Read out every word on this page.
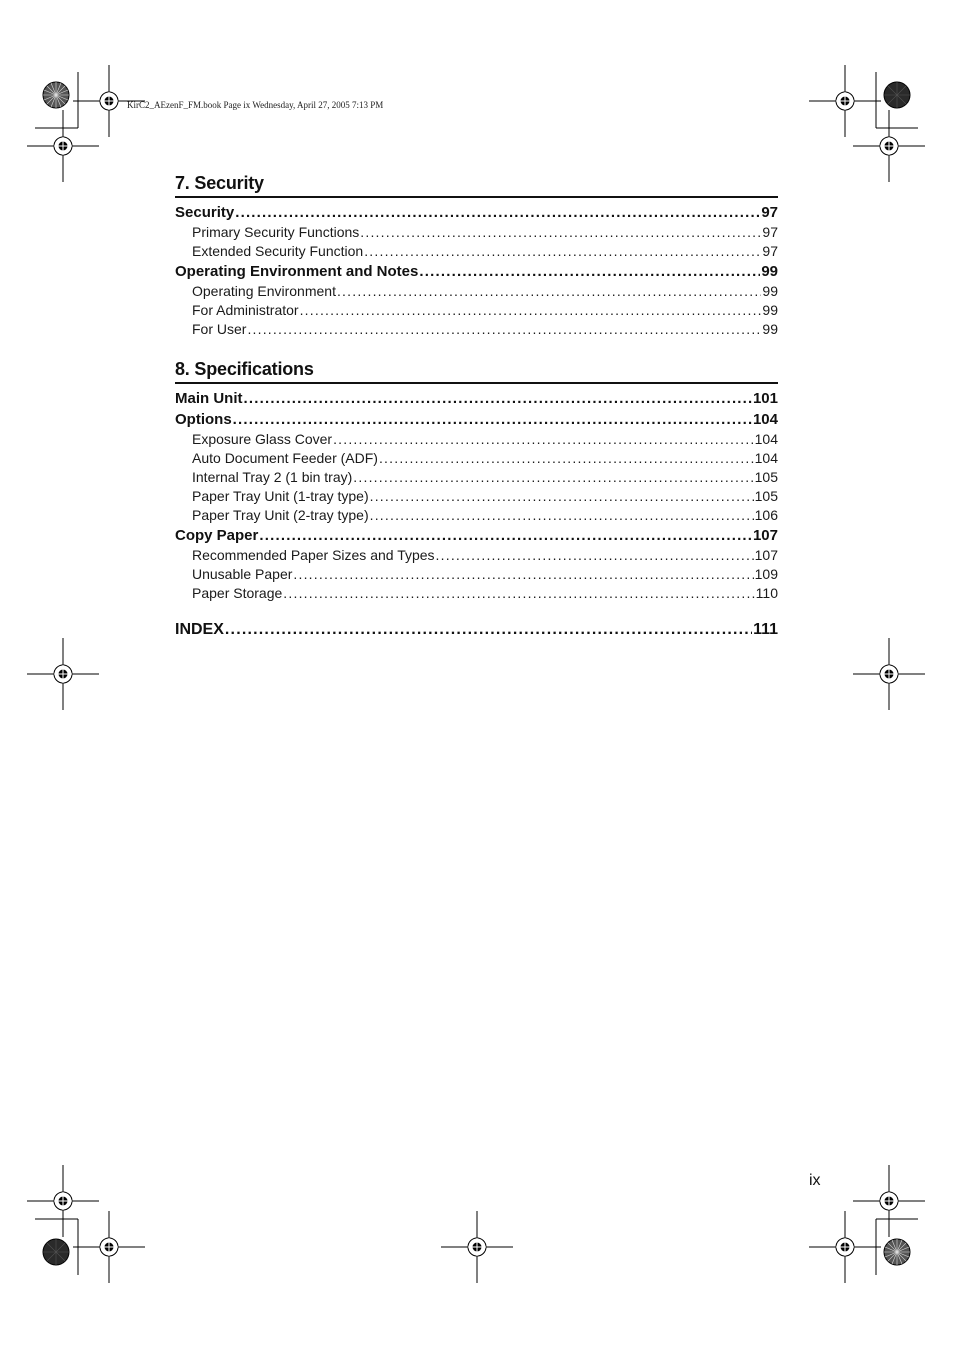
KirC2_AEzenF_FM.book Page ix Wednesday, April 27, 2005 7:13 PM
7. Security
Security .....	97
Primary Security Functions .....	97
Extended Security Function .....	97
Operating Environment and Notes .....	99
Operating Environment .....	99
For Administrator .....	99
For User .....	99
8. Specifications
Main Unit .....	101
Options .....	104
Exposure Glass Cover .....	104
Auto Document Feeder (ADF) .....	104
Internal Tray 2 (1 bin tray) .....	105
Paper Tray Unit (1-tray type) .....	105
Paper Tray Unit (2-tray type) .....	106
Copy Paper .....	107
Recommended Paper Sizes and Types .....	107
Unusable Paper .....	109
Paper Storage .....	110
INDEX .....	111
ix
